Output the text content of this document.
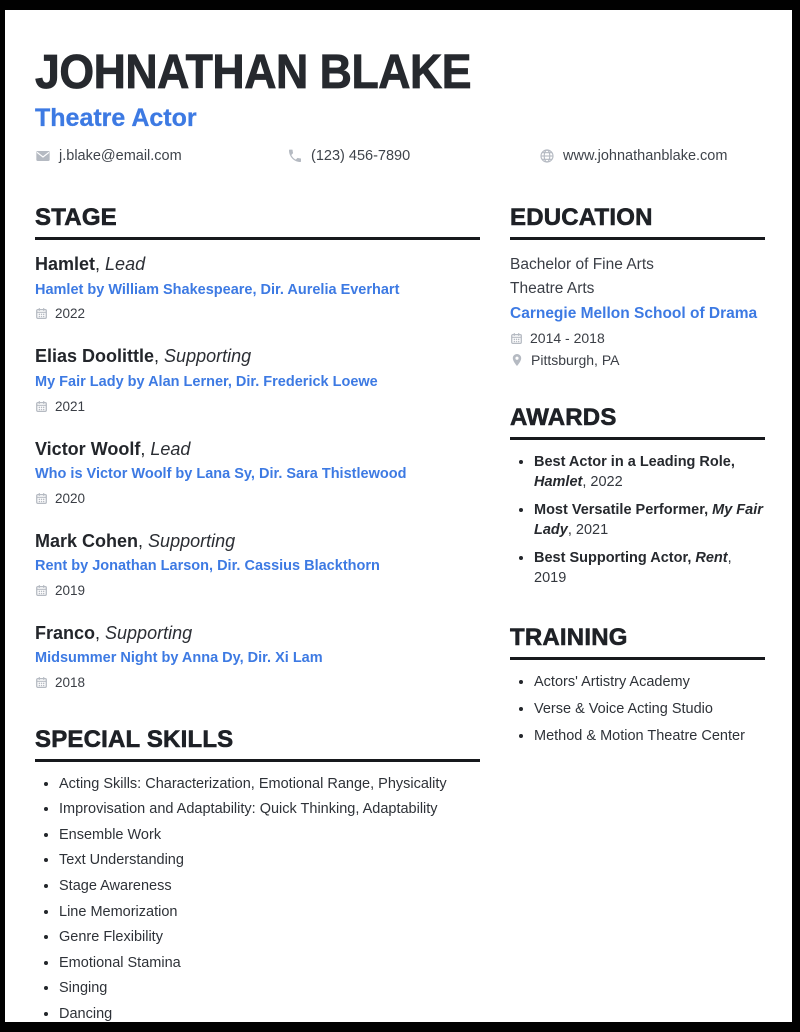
JOHNATHAN BLAKE
Theatre Actor
j.blake@email.com	(123) 456-7890	www.johnathanblake.com
STAGE
Hamlet, Lead
Hamlet by William Shakespeare, Dir. Aurelia Everhart
2022
Elias Doolittle, Supporting
My Fair Lady by Alan Lerner, Dir. Frederick Loewe
2021
Victor Woolf, Lead
Who is Victor Woolf by Lana Sy, Dir. Sara Thistlewood
2020
Mark Cohen, Supporting
Rent by Jonathan Larson, Dir. Cassius Blackthorn
2019
Franco, Supporting
Midsummer Night by Anna Dy, Dir. Xi Lam
2018
SPECIAL SKILLS
• Acting Skills: Characterization, Emotional Range, Physicality
• Improvisation and Adaptability: Quick Thinking, Adaptability
• Ensemble Work
• Text Understanding
• Stage Awareness
• Line Memorization
• Genre Flexibility
• Emotional Stamina
• Singing
• Dancing
EDUCATION
Bachelor of Fine Arts
Theatre Arts
Carnegie Mellon School of Drama
2014 - 2018
Pittsburgh, PA
AWARDS
• Best Actor in a Leading Role, Hamlet, 2022
• Most Versatile Performer, My Fair Lady, 2021
• Best Supporting Actor, Rent, 2019
TRAINING
• Actors' Artistry Academy
• Verse & Voice Acting Studio
• Method & Motion Theatre Center
